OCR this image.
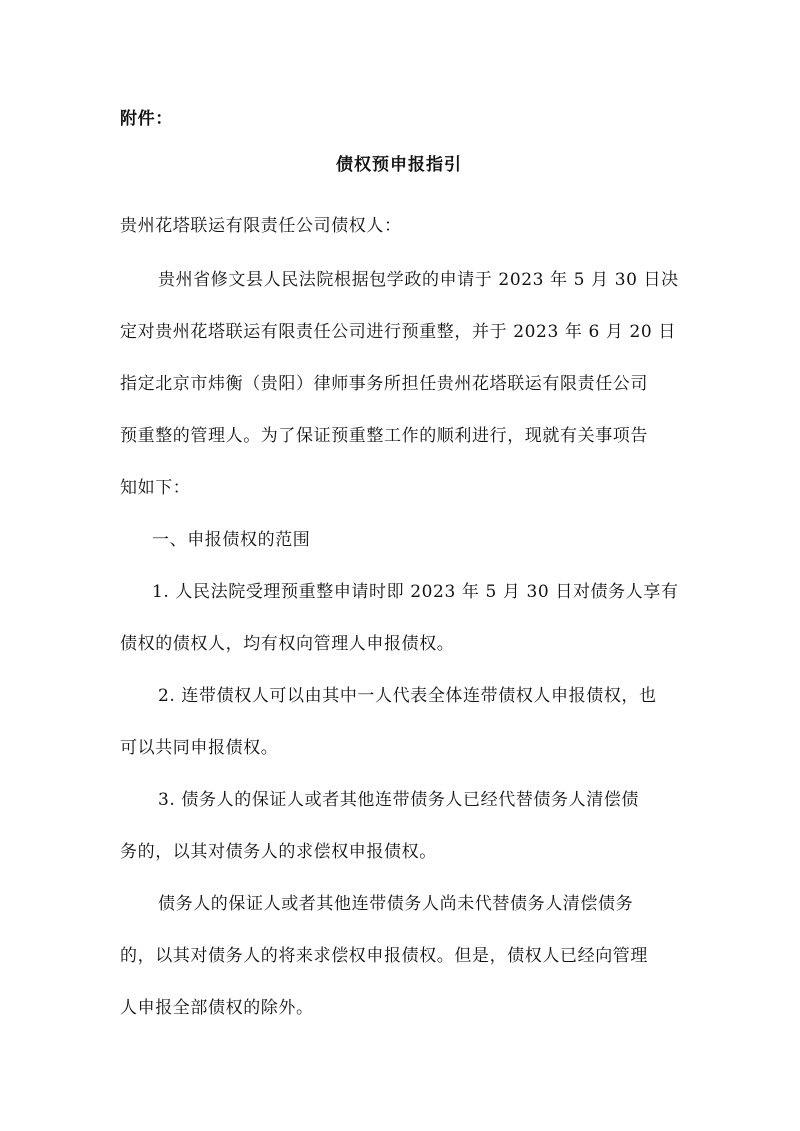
附件：
债权预申报指引
贵州花塔联运有限责任公司债权人：
贵州省修文县人民法院根据包学政的申请于 2023 年 5 月 30 日决
定对贵州花塔联运有限责任公司进行预重整，并于 2023 年 6 月 20 日
指定北京市炜衡（贵阳）律师事务所担任贵州花塔联运有限责任公司
预重整的管理人。为了保证预重整工作的顺利进行，现就有关事项告
知如下：
一、申报债权的范围
1. 人民法院受理预重整申请时即 2023 年 5 月 30 日对债务人享有
债权的债权人，均有权向管理人申报债权。
2. 连带债权人可以由其中一人代表全体连带债权人申报债权，也
可以共同申报债权。
3. 债务人的保证人或者其他连带债务人已经代替债务人清偿债
务的，以其对债务人的求偿权申报债权。
债务人的保证人或者其他连带债务人尚未代替债务人清偿债务
的，以其对债务人的将来求偿权申报债权。但是，债权人已经向管理
人申报全部债权的除外。
